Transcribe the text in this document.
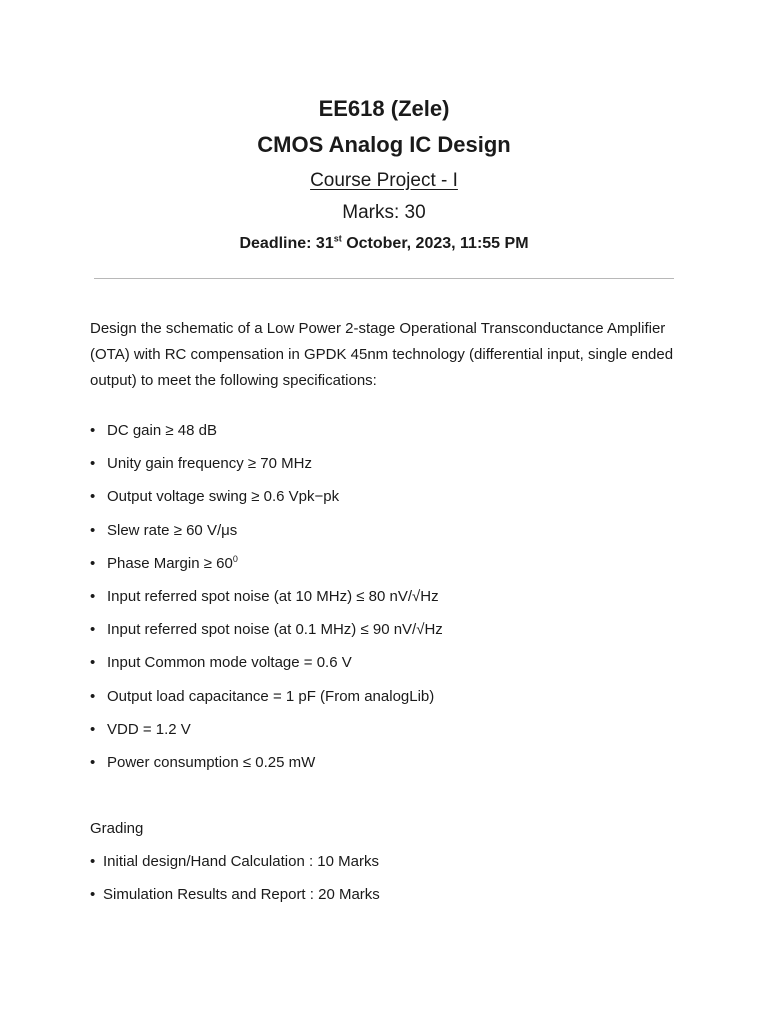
EE618 (Zele)
CMOS Analog IC Design
Course Project - I
Marks: 30
Deadline: 31st October, 2023, 11:55 PM
Design the schematic of a Low Power 2-stage Operational Transconductance Amplifier (OTA) with RC compensation in GPDK 45nm technology (differential input, single ended output) to meet the following specifications:
• DC gain ≥ 48 dB
• Unity gain frequency ≥ 70 MHz
• Output voltage swing ≥ 0.6 Vpk−pk
• Slew rate ≥ 60 V/μs
• Phase Margin ≥ $60^0$
• Input referred spot noise (at 10 MHz) ≤ 80 nV/√Hz
• Input referred spot noise (at 0.1 MHz) ≤ 90 nV/√Hz
• Input Common mode voltage = 0.6 V
• Output load capacitance = 1 pF (From analogLib)
• VDD = 1.2 V
• Power consumption ≤ 0.25 mW
Grading
• Initial design/Hand Calculation : 10 Marks
• Simulation Results and Report : 20 Marks
